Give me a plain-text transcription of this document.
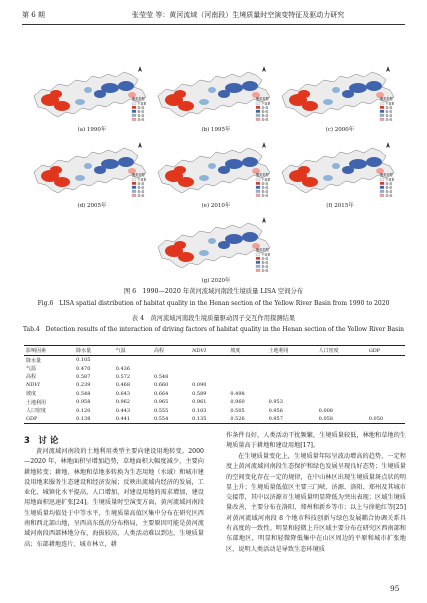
第 6 期	张莹莹 等：黄河流域（河南段）生境质量时空演变特征及驱动力研究
聚类类型
不显著
高-高
低-低
低-高
高-低
聚类类型
不显著
高-高
低-低
低-高
高-低
聚类类型
不显著
高-高
低-低
低-高
高-低
聚类类型
不显著
高-高
低-低
低-高
高-低
聚类类型
不显著
高-高
低-低
低-高
高-低
聚类类型
不显著
高-高
低-低
低-高
高-低
聚类类型
不显著
高-高
低-低
低-高
高-低
(a) 1990年	(b) 1995年	(c) 2000年
(d) 2005年	(e) 2010年	(f) 2015年
(g) 2020年
图 6　1990—2020 年黄河流域河南段生境质量 LISA 空间分布
Fig.6　LISA spatial distribution of habitat quality in the Henan section of the Yellow River Basin from 1990 to 2020
表 4　黄河流域河南段生境质量驱动因子交互作用探测结果
Tab.4　Detection results of the interaction of driving factors of habitat quality in the Henan section of the Yellow River Basin
影响因素	降水量	气温	高程	NDVI	坡度	土地利用	人口密度	GDP
降水量	0.105							
气温	0.470	0.436						
高程	0.587	0.572	0.548					
NDVI	0.239	0.468	0.660	0.090				
坡度	0.548	0.643	0.664	0.589	0.498			
土地利用	0.958	0.962	0.965	0.961	0.960	0.953		
人口密度	0.120	0.443	0.555	0.103	0.505	0.956	0.008	
GDP	0.138	0.441	0.554	0.135	0.526	0.957	0.058	0.050
3　讨 论
黄河流域河南段的土地利用类型主要向建设用地转变。2000—2020 年，林地面积呈增加趋势，草地面积大幅度减少，主要向耕地转变；耕地、林地和草地多转换为生态用地（水域）和城市建设用地来服务生态建设和经济发展；反映出流域内经济的发展，工业化、城镇化水平提高，人口增加，对建设用地的需求增加，建设用地面积迅速扩张[24]。生境质量时空演变方面，黄河流域河南段生境质量均值处于中等水平，生境质量高值区集中分布在研究区西南和西北部山地，呈西高东低的分布格局，主要原因可能是黄河流域河南段西部林地分布，海拔较高，人类活动难以到达，生境质量高；东部耕地连片、城市林立，耕
作条件良好，人类活动干扰频繁，生境质量较低，林地和草地的生境质量高于耕地和建设用地[17]。
在生境质量变化上，生境质量年际呈波动增高的趋势，一定程度上黄河流域河南段生态保护和绿色发展呈现良好态势；生境质量的空间变化存在一定的规律，在中山林区出现生境质量斑点状的明显上升；生境质量低值区主要三门峡、济源、洛阳、郑州及其城市交接带，其中以济源市生境质量明显降低为突出表现；区域生境质量改善，主要分布在洛阳、郑州和新乡等市；以上与徐艳红等[25]对黄河流域河南段 8 个地市科技创新与绿色发展耦合协调关系具有高度的一致性。明显和轻微上升区域主要分布在研究区西南部和东部地区，明显和轻微降低集中在山区周边的平原和城市扩张地区，说明人类活动是导致生态环境质
95
